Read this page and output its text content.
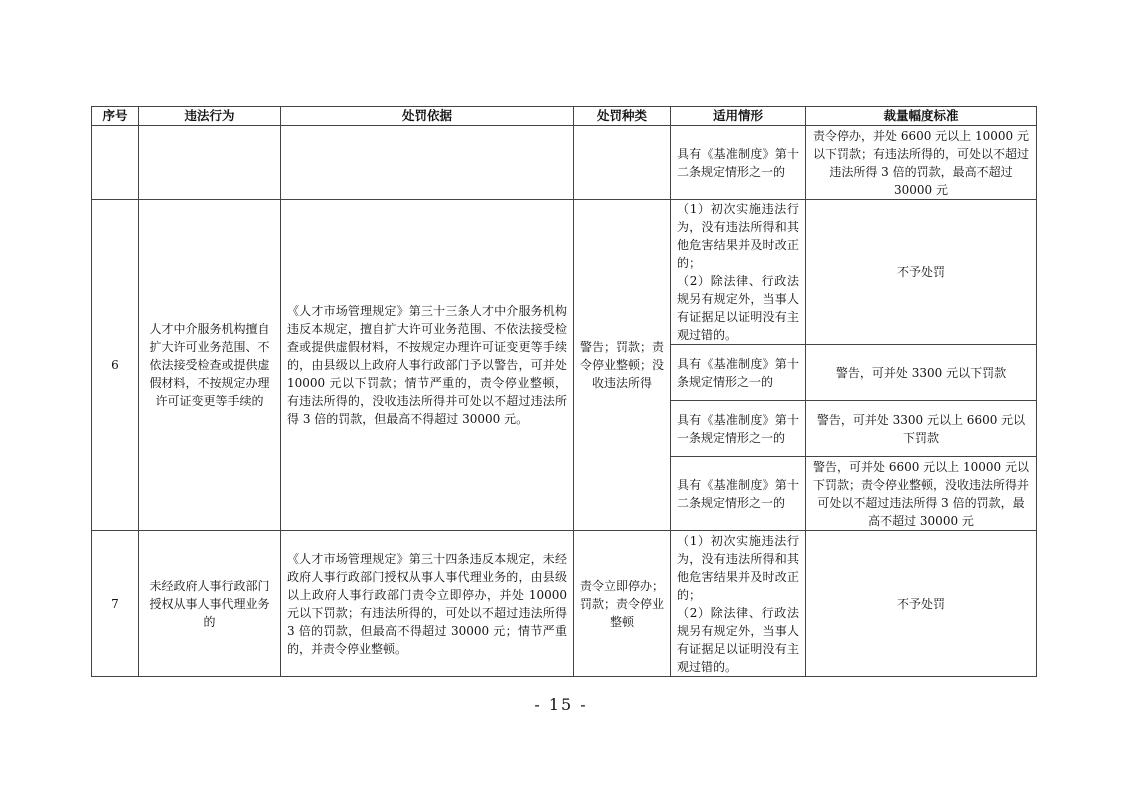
序号	违法行为	处罚依据	处罚种类	适用情形	裁量幅度标准
				具有《基准制度》第十二条规定情形之一的	责令停办，并处 6600 元以上 10000 元以下罚款；有违法所得的，可处以不超过违法所得 3 倍的罚款，最高不超过 30000 元
6	人才中介服务机构擅自扩大许可业务范围、不依法接受检查或提供虚假材料，不按规定办理许可证变更等手续的	《人才市场管理规定》第三十三条人才中介服务机构违反本规定，擅自扩大许可业务范围、不依法接受检查或提供虚假材料，不按规定办理许可证变更等手续的，由县级以上政府人事行政部门予以警告，可并处 10000 元以下罚款；情节严重的，责令停业整顿，有违法所得的，没收违法所得并可处以不超过违法所得 3 倍的罚款，但最高不得超过 30000 元。	警告；罚款；责令停业整顿；没收违法所得	（1）初次实施违法行为，没有违法所得和其他危害结果并及时改正的；
（2）除法律、行政法规另有规定外，当事人有证据足以证明没有主观过错的。	不予处罚
				具有《基准制度》第十条规定情形之一的	警告，可并处 3300 元以下罚款
				具有《基准制度》第十一条规定情形之一的	警告，可并处 3300 元以上 6600 元以下罚款
				具有《基准制度》第十二条规定情形之一的	警告，可并处 6600 元以上 10000 元以下罚款；责令停业整顿，没收违法所得并可处以不超过违法所得 3 倍的罚款，最高不超过 30000 元
7	未经政府人事行政部门授权从事人事代理业务的	《人才市场管理规定》第三十四条违反本规定，未经政府人事行政部门授权从事人事代理业务的，由县级以上政府人事行政部门责令立即停办，并处 10000 元以下罚款；有违法所得的，可处以不超过违法所得 3 倍的罚款，但最高不得超过 30000 元；情节严重的，并责令停业整顿。	责令立即停办；罚款；责令停业整顿	（1）初次实施违法行为，没有违法所得和其他危害结果并及时改正的；
（2）除法律、行政法规另有规定外，当事人有证据足以证明没有主观过错的。	不予处罚
- 15 -
